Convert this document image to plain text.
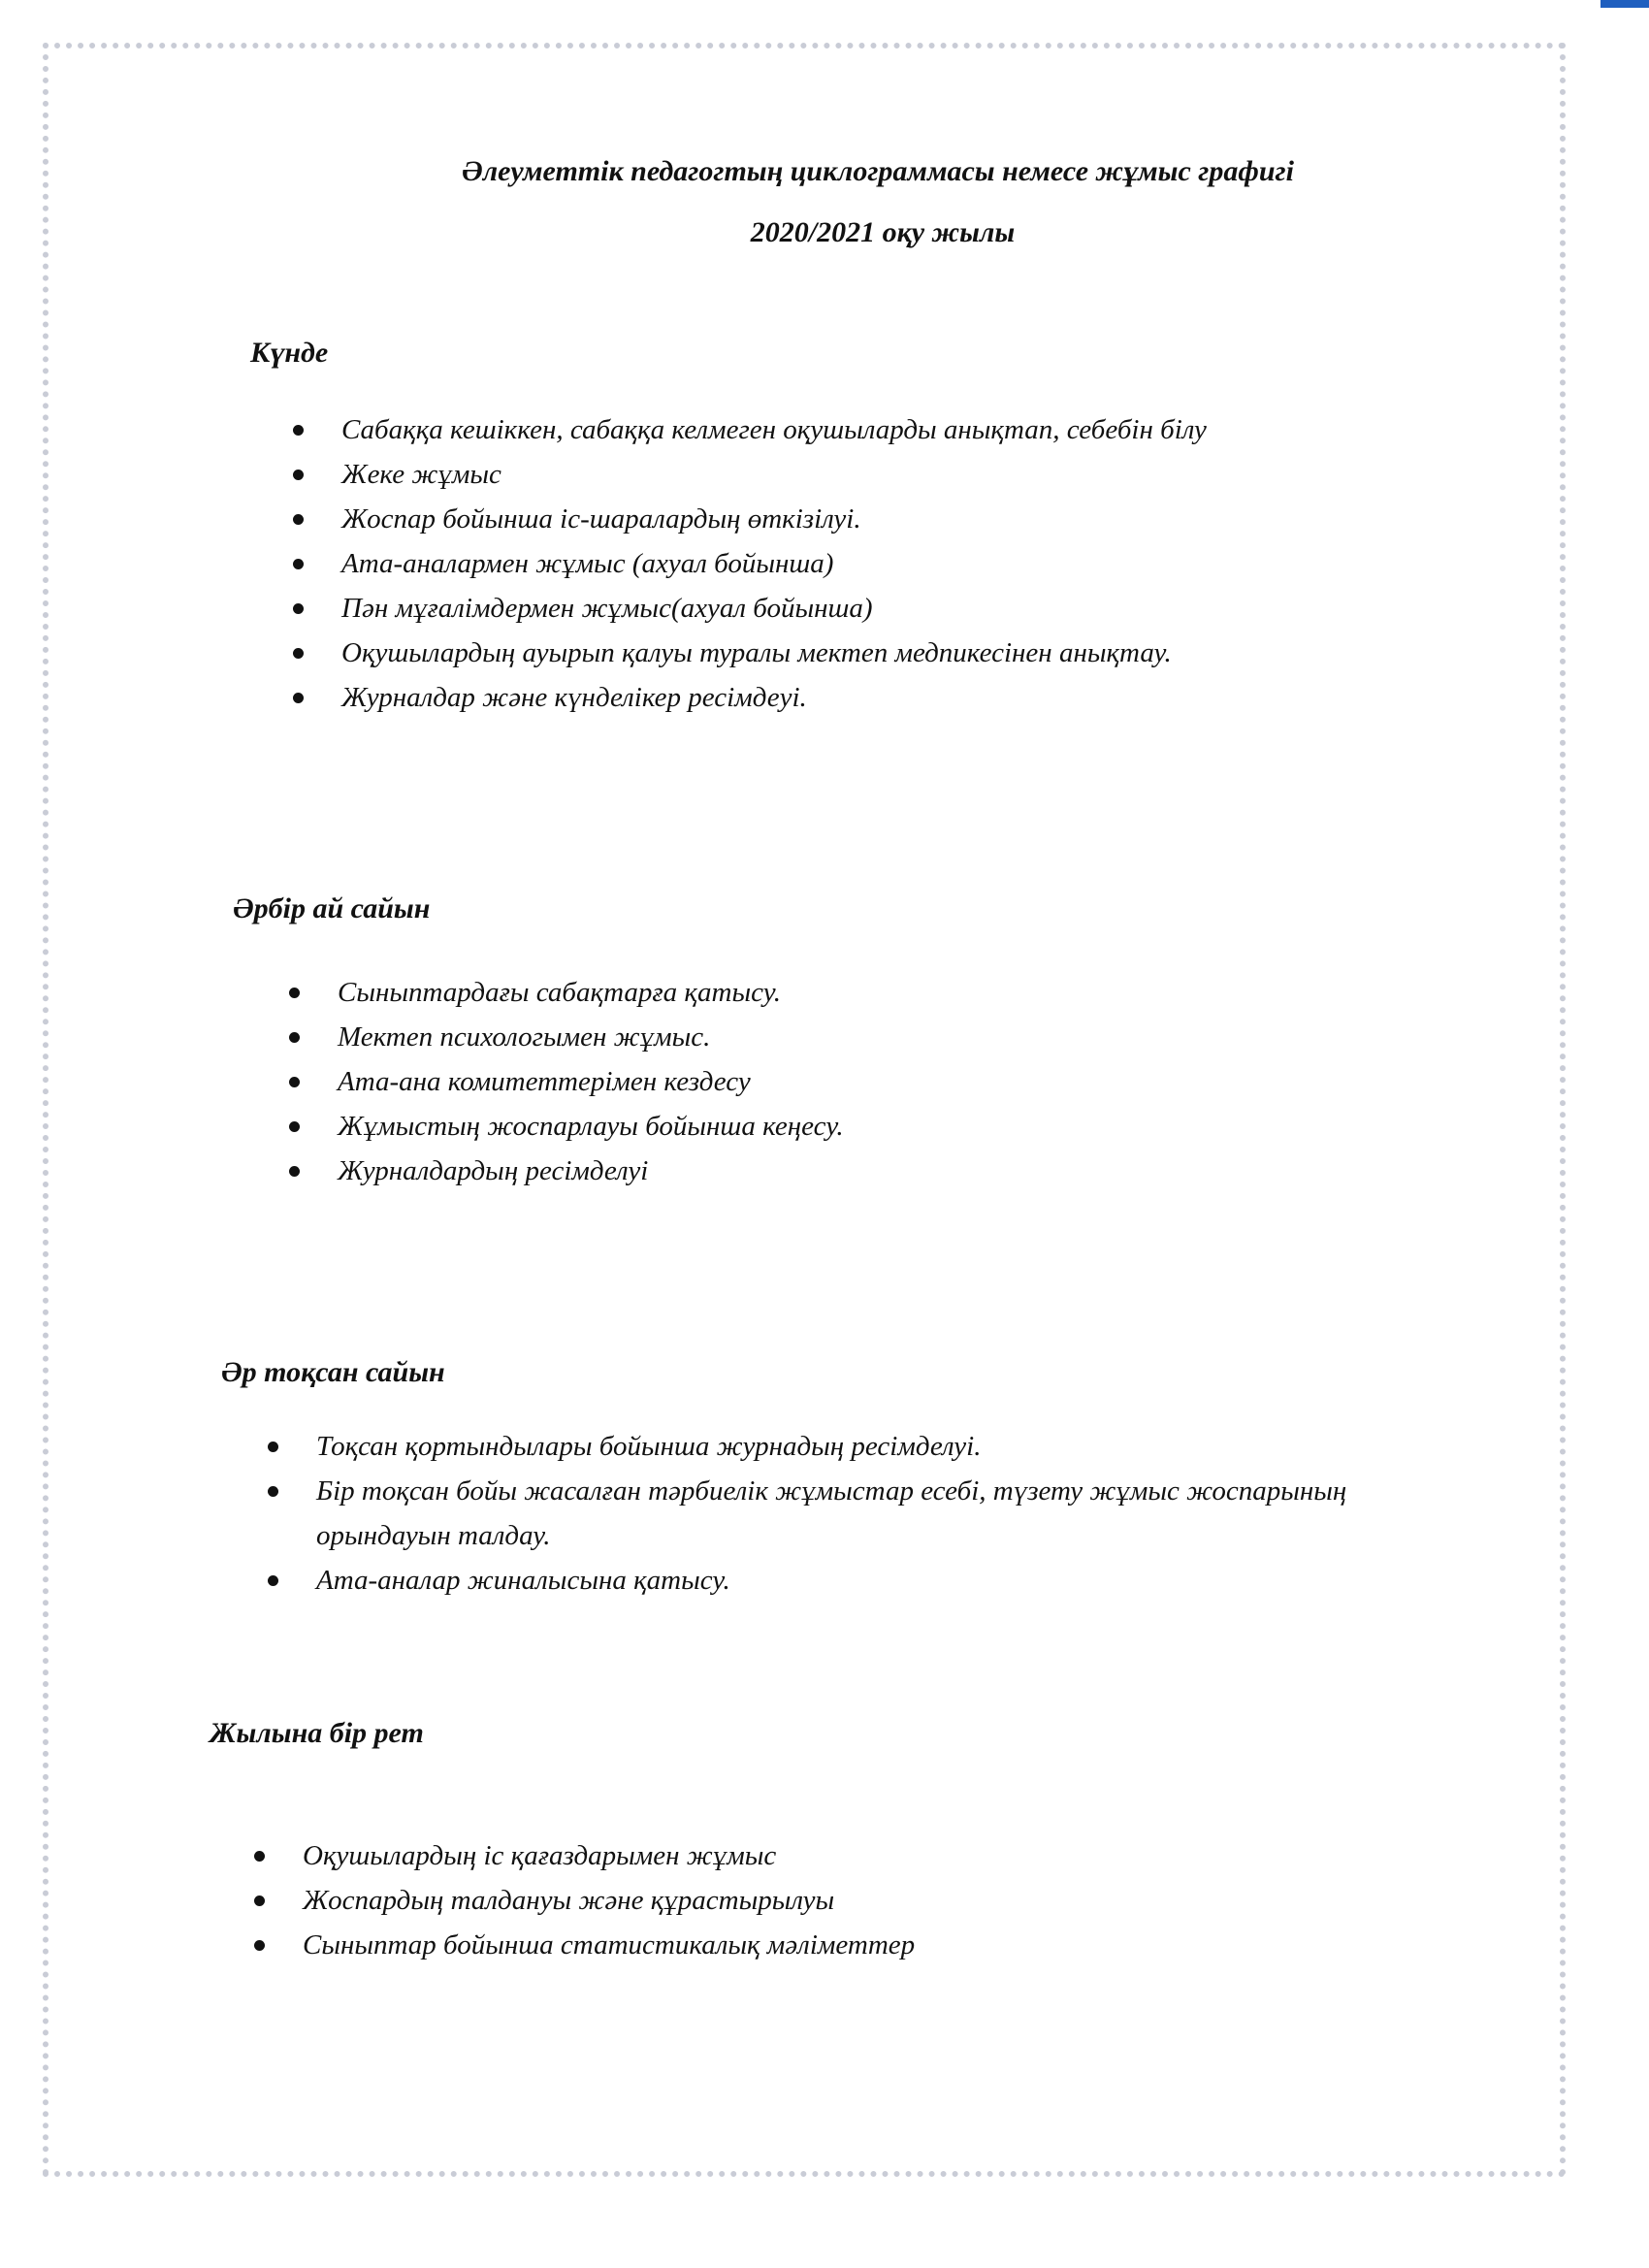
Әлеуметтік педагогтың циклограммасы немесе жұмыс графигі
2020/2021 оқу жылы
Күнде
Сабаққа кешіккен, сабаққа келмеген оқушыларды анықтап, себебін білу
Жеке жұмыс
Жоспар бойынша іс-шаралардың өткізілуі.
Ата-аналармен жұмыс (ахуал бойынша)
Пән мұғалімдермен жұмыс(ахуал бойынша)
Оқушылардың ауырып қалуы туралы мектеп медпикесінен анықтау.
Журналдар және күнделікер ресімдеуі.
Әрбір ай сайын
Сыныптардағы сабақтарға қатысу.
Мектеп психологымен жұмыс.
Ата-ана комитеттерімен кездесу
Жұмыстың жоспарлауы бойынша кеңесу.
Журналдардың ресімделуі
Әр тоқсан сайын
Тоқсан қортындылары бойынша журнадың ресімделуі.
Бір тоқсан бойы жасалған тәрбиелік жұмыстар есебі, түзету жұмыс жоспарының орындауын талдау.
Ата-аналар жиналысына қатысу.
Жылына бір рет
Оқушылардың іс қағаздарымен жұмыс
Жоспардың талдануы және құрастырылуы
Сыныптар бойынша статистикалық мәліметтер
